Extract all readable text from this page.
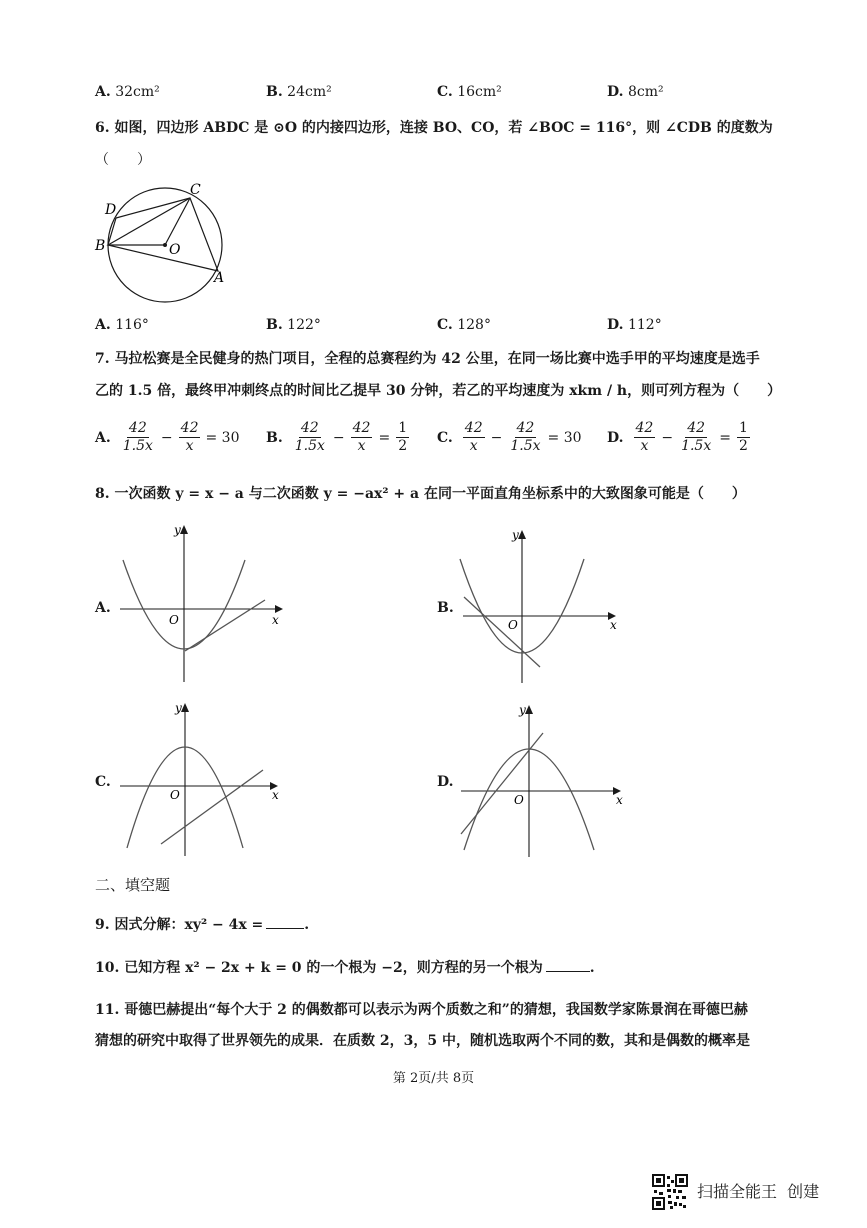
A. 32cm²	B. 24cm²	C. 16cm²	D. 8cm²
6. 如图，四边形 ABDC 是 ⊙O 的内接四边形，连接 BO、CO，若 ∠BOC = 116°，则 ∠CDB 的度数为
（　　）
C
D
B	O
A
A. 116°	B. 122°	C. 128°	D. 112°
7. 马拉松赛是全民健身的热门项目，全程的总赛程约为 42 公里，在同一场比赛中选手甲的平均速度是选手
乙的 1.5 倍，最终甲冲刺终点的时间比乙提早 30 分钟，若乙的平均速度为 xkm / h，则可列方程为（　　）
A. $\frac{42}{1.5x} - \frac{42}{x} = 30$ B. $\frac{42}{1.5x} - \frac{42}{x} = \frac{1}{2} C$. $\frac{42}{x} - \frac{42}{1.5x} = 30$ D. $\frac{42}{x} - \frac{42}{1.5x} = \frac{1}{2}$
8. 一次函数 y = x − a 与二次函数 y = −ax² + a 在同一平面直角坐标系中的大致图象可能是（　　）
A.
y
x
O
B.
y
x
O
C.
y
x
O
D.
y
x
O
二、填空题
9. 因式分解：xy² − 4x =	.
10. 已知方程 x² − 2x + k = 0 的一个根为 −2，则方程的另一个根为	.
11. 哥德巴赫提出“每个大于 2 的偶数都可以表示为两个质数之和”的猜想，我国数学家陈景润在哥德巴赫
猜想的研究中取得了世界领先的成果．在质数 2，3，5 中，随机选取两个不同的数，其和是偶数的概率是
第 2页/共 8页
扫描全能王  创建
